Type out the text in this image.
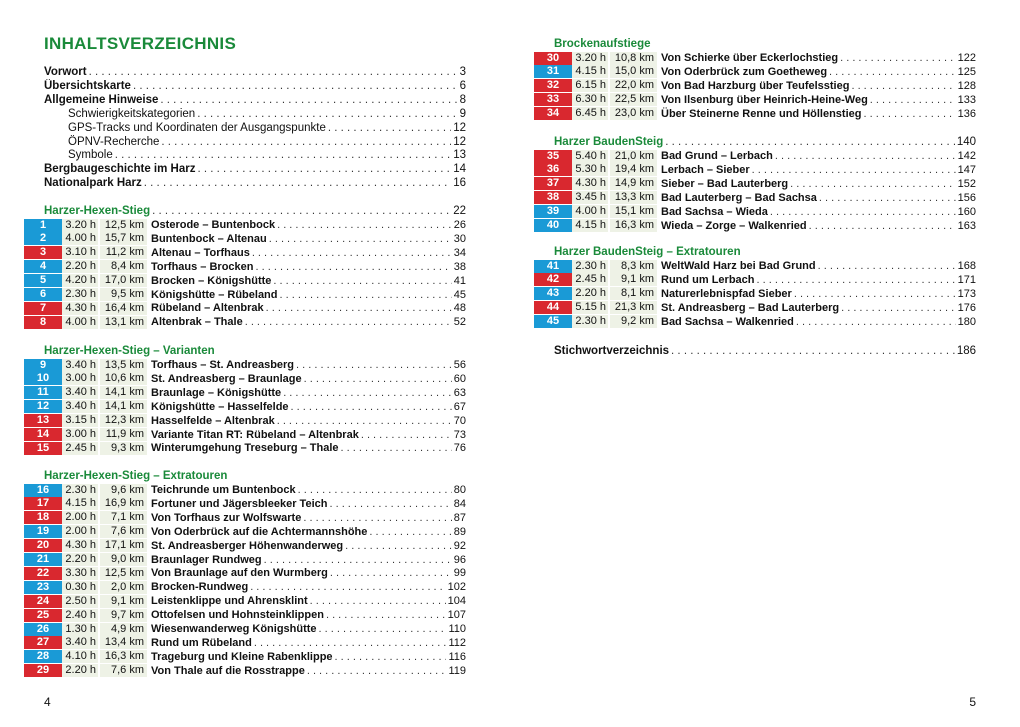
INHALTSVERZEICHNIS
Vorwort . . .	3
Übersichtskarte . . .	6
Allgemeine Hinweise . . .	8
Schwierigkeitskategorien . . .	9
GPS-Tracks und Koordinaten der Ausgangspunkte . . .	12
ÖPNV-Recherche . . .	12
Symbole . . .	13
Bergbaugeschichte im Harz . . .	14
Nationalpark Harz . . .	16
Harzer-Hexen-Stieg . . .	22
1	3.20 h 12,5 km Osterode – Buntenbock . . .	26
2	4.00 h 15,7 km Buntenbock – Altenau . . .	30
3	3.10 h 11,2 km Altenau – Torfhaus . . .	34
4	2.20 h	8,4 km Torfhaus – Brocken . . .	38
5	4.20 h 17,0 km Brocken – Königshütte . . .	41
6	2.30 h	9,5 km Königshütte – Rübeland . . .	45
7	4.30 h 16,4 km Rübeland – Altenbrak . . .	48
8	4.00 h 13,1 km Altenbrak – Thale . . .	52
Harzer-Hexen-Stieg – Varianten
9	3.40 h 13,5 km Torfhaus – St. Andreasberg . . .	56
10	3.00 h 10,6 km St. Andreasberg – Braunlage . . .	60
11	3.40 h 14,1 km Braunlage – Königshütte . . .	63
12	3.40 h 14,1 km Königshütte – Hasselfelde . . .	67
13	3.15 h 12,3 km Hasselfelde – Altenbrak . . .	70
14	3.00 h 11,9 km Variante Titan RT: Rübeland – Altenbrak . . .	73
15	2.45 h	9,3 km Winterumgehung Treseburg – Thale . . .	76
Harzer-Hexen-Stieg – Extratouren
16	2.30 h	9,6 km Teichrunde um Buntenbock . . .	80
17	4.15 h 16,9 km Fortuner und Jägersbleeker Teich . . .	84
18	2.00 h	7,1 km Von Torfhaus zur Wolfswarte . . .	87
19	2.00 h	7,6 km Von Oderbrück auf die Achtermannshöhe . . .	89
20	4.30 h 17,1 km St. Andreasberger Höhenwanderweg . . .	92
21	2.20 h	9,0 km Braunlager Rundweg . . .	96
22	3.30 h 12,5 km Von Braunlage auf den Wurmberg . . .	99
23	0.30 h	2,0 km Brocken-Rundweg . . .	102
24	2.50 h	9,1 km Leistenklippe und Ahrensklint . . .	104
25	2.40 h	9,7 km Ottofelsen und Hohnsteinklippen . . .	107
26	1.30 h	4,9 km Wiesenwanderweg Königshütte . . .	110
27	3.40 h 13,4 km Rund um Rübeland . . .	112
28	4.10 h 16,3 km Trageburg und Kleine Rabenklippe . . .	116
29	2.20 h	7,6 km Von Thale auf die Rosstrappe . . .	119
4
Brockenaufstiege
30	3.20 h 10,8 km Von Schierke über Eckerlochstieg . . .	122
31	4.15 h 15,0 km Von Oderbrück zum Goetheweg . . .	125
32	6.15 h 22,0 km Von Bad Harzburg über Teufelsstieg . . .	128
33	6.30 h 22,5 km Von Ilsenburg über Heinrich-Heine-Weg . . .	133
34	6.45 h 23,0 km Über Steinerne Renne und Höllenstieg . . .	136
Harzer BaudenSteig . . .	140
35	5.40 h 21,0 km Bad Grund – Lerbach . . .	142
36	5.30 h 19,4 km Lerbach – Sieber . . .	147
37	4.30 h 14,9 km Sieber – Bad Lauterberg . . .	152
38	3.45 h 13,3 km Bad Lauterberg – Bad Sachsa . . .	156
39	4.00 h 15,1 km Bad Sachsa – Wieda . . .	160
40	4.15 h 16,3 km Wieda – Zorge – Walkenried . . .	163
Harzer BaudenSteig – Extratouren
41	2.30 h	8,3 km WeltWald Harz bei Bad Grund . . .	168
42	2.45 h	9,1 km Rund um Lerbach . . .	171
43	2.20 h	8,1 km Naturerlebnispfad Sieber . . .	173
44	5.15 h 21,3 km St. Andreasberg – Bad Lauterberg . . .	176
45	2.30 h	9,2 km Bad Sachsa – Walkenried . . .	180
Stichwortverzeichnis . . .	186
5
